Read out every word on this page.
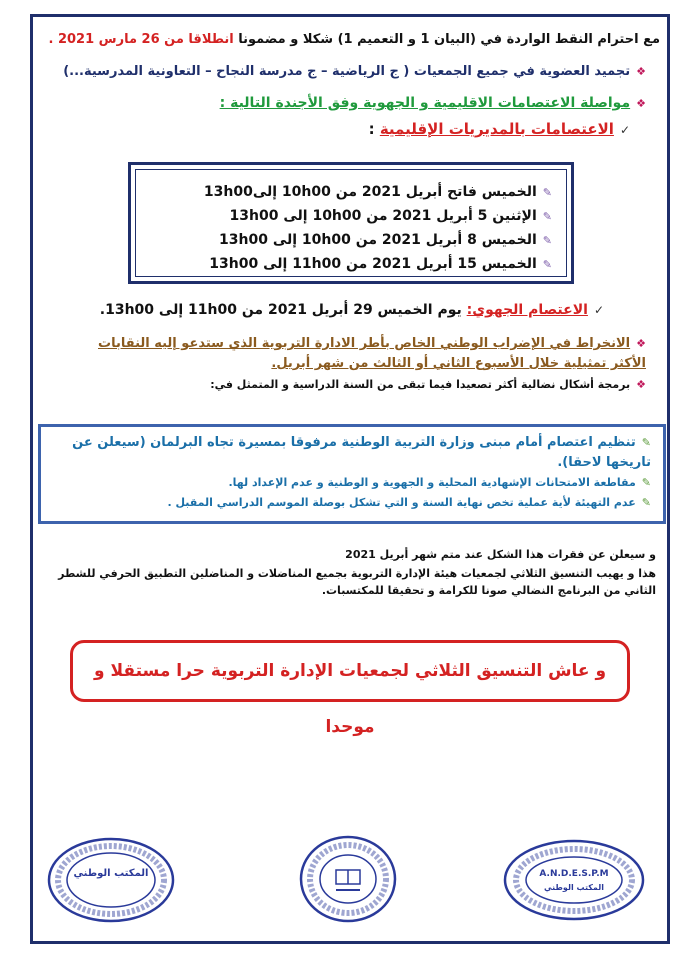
مع احترام النقط الواردة في (البيان 1 و التعميم 1) شكلا و مضمونا انطلاقا من 26 مارس 2021 .
❖تجميد العضوية في جميع الجمعيات ( ج الرياضية – ج مدرسة النجاح – التعاونية المدرسية...)
❖مواصلة الاعتصامات الاقليمية و الجهوية وفق الأجندة التالية :
✓الاعتصامات بالمديريات الإقليمية :
✎الخميس فاتح أبريل 2021 من 10h00 إلى13h00
✎الإثنين 5 أبريل 2021 من 10h00 إلى 13h00
✎الخميس 8 أبريل 2021 من 10h00 إلى 13h00
✎الخميس 15 أبريل 2021 من 11h00 إلى 13h00
✓الاعتصام الجهوي: يوم الخميس 29 أبريل 2021 من 11h00 إلى 13h00.
❖الانخراط في الإضراب الوطني الخاص بأطر الادارة التربوية الذي ستدعو إليه النقابات الأكثر تمثيلية خلال الأسبوع الثاني أو الثالث من شهر أبريل.
❖برمجة أشكال نضالية أكثر تصعيدا فيما تبقى من السنة الدراسية و المتمثل في:
✎تنظيم اعتصام أمام مبنى وزارة التربية الوطنية مرفوقا بمسيرة تجاه البرلمان (سيعلن عن تاريخها لاحقا).
✎مقاطعة الامتحانات الإشهادية المحلية و الجهوية و الوطنية و عدم الإعداد لها.
✎عدم التهيئة لأية عملية تخص نهاية السنة و التي تشكل بوصلة الموسم الدراسي المقبل .
و سيعلن عن فقرات هذا الشكل عند متم شهر أبريل 2021
هذا و يهيب التنسيق الثلاثي لجمعيات هيئة الإدارة التربوية بجميع المناضلات و المناضلين التطبيق الحرفي للشطر الثاني من البرنامج النضالي صونا للكرامة و تحقيقا للمكتسبات.
و عاش التنسيق الثلاثي لجمعيات الإدارة التربوية حرا مستقلا و موحدا
المكتب الوطني	A.N.D.E.S.P.M
المكتب الوطني
